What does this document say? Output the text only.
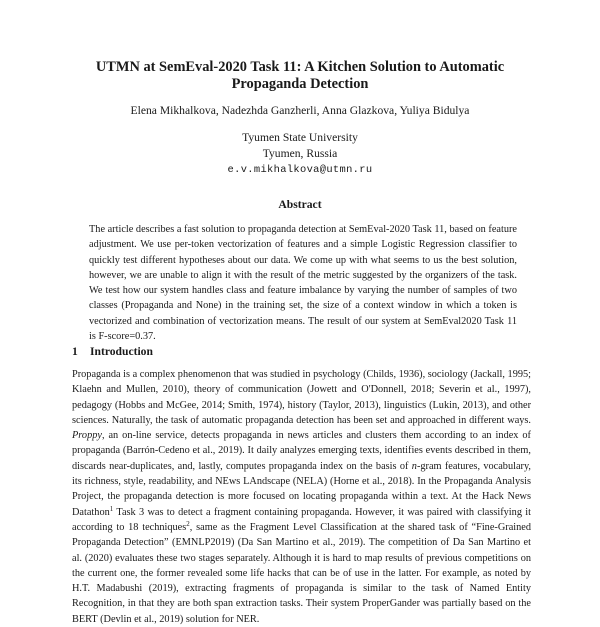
UTMN at SemEval-2020 Task 11: A Kitchen Solution to Automatic
Propaganda Detection
Elena Mikhalkova, Nadezhda Ganzherli, Anna Glazkova, Yuliya Bidulya
Tyumen State University
Tyumen, Russia
e.v.mikhalkova@utmn.ru
Abstract
The article describes a fast solution to propaganda detection at SemEval-2020 Task 11, based on feature adjustment. We use per-token vectorization of features and a simple Logistic Regression classifier to quickly test different hypotheses about our data. We come up with what seems to us the best solution, however, we are unable to align it with the result of the metric suggested by the organizers of the task. We test how our system handles class and feature imbalance by varying the number of samples of two classes (Propaganda and None) in the training set, the size of a context window in which a token is vectorized and combination of vectorization means. The result of our system at SemEval2020 Task 11 is F-score=0.37.
1 Introduction

Propaganda is a complex phenomenon that was studied in psychology (Childs, 1936), sociology (Jackall, 1995; Klaehn and Mullen, 2010), theory of communication (Jowett and O'Donnell, 2018; Severin et al., 1997), pedagogy (Hobbs and McGee, 2014; Smith, 1974), history (Taylor, 2013), linguistics (Lukin, 2013), and other sciences. Naturally, the task of automatic propaganda detection has been set and approached in different ways. Proppy, an on-line service, detects propaganda in news articles and clusters them according to an index of propaganda (Barrón-Cedeno et al., 2019). It daily analyzes emerging texts, identifies events described in them, discards near-duplicates, and, lastly, computes propaganda index on the basis of n-gram features, vocabulary, its richness, style, readability, and NEws LAndscape (NELA) (Horne et al., 2018). In the Propaganda Analysis Project, the propaganda detection is more focused on locating propaganda within a text. At the Hack News Datathon$^1$ Task 3 was to detect a fragment containing propaganda. However, it was paired with classifying it according to 18 techniques$^2$, same as the Fragment Level Classification at the shared task of “Fine-Grained Propaganda Detection” (EMNLP2019) (Da San Martino et al., 2019). The competition of Da San Martino et al. (2020) evaluates these two stages separately. Although it is hard to map results of previous competitions on the current one, the former revealed some life hacks that can be of use in the latter. For example, as noted by H.T. Madabushi (2019), extracting fragments of propaganda is similar to the task of Named Entity Recognition, in that they are both span extraction tasks. Their system ProperGander was partially based on the BERT (Devlin et al., 2019) solution for NER.
